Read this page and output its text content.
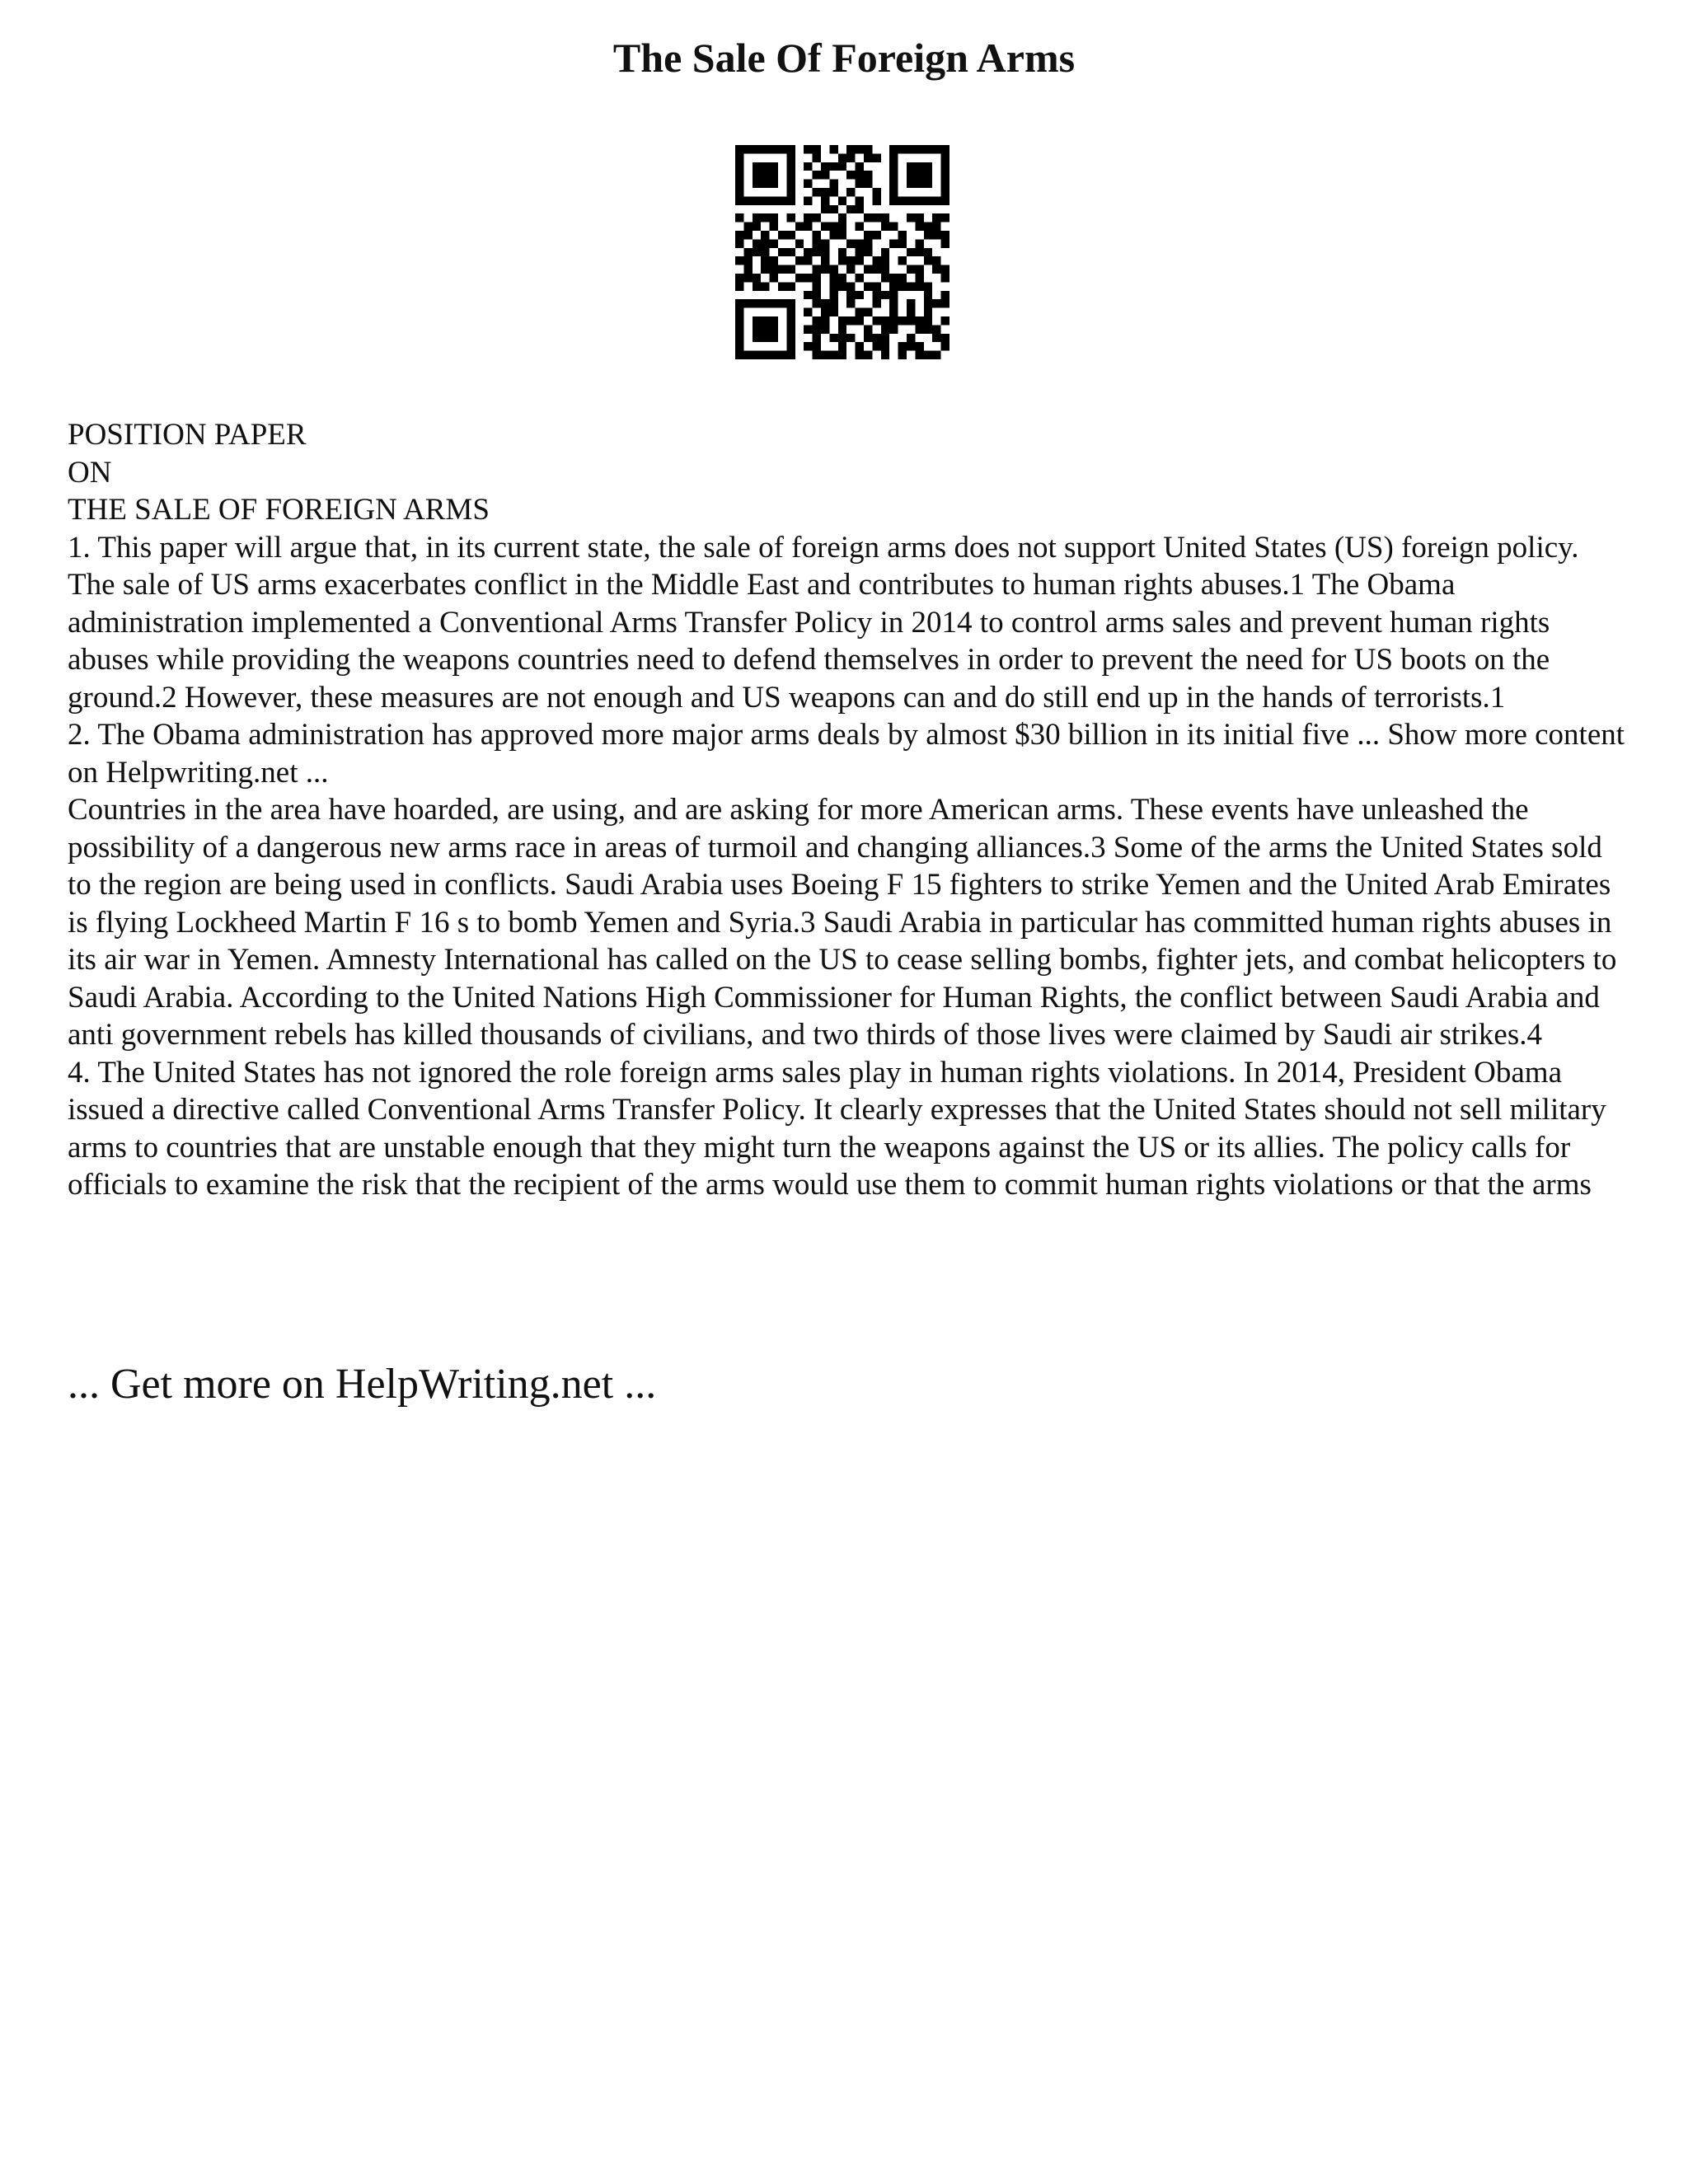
The Sale Of Foreign Arms
POSITION PAPER
ON
THE SALE OF FOREIGN ARMS

1. This paper will argue that, in its current state, the sale of foreign arms does not support United States (US) foreign policy. The sale of US arms exacerbates conflict in the Middle East and contributes to human rights abuses.1 The Obama administration implemented a Conventional Arms Transfer Policy in 2014 to control arms sales and prevent human rights abuses while providing the weapons countries need to defend themselves in order to prevent the need for US boots on the ground.2 However, these measures are not enough and US weapons can and do still end up in the hands of terrorists.1

2. The Obama administration has approved more major arms deals by almost $30 billion in its initial five ... Show more content on Helpwriting.net ...

Countries in the area have hoarded, are using, and are asking for more American arms. These events have unleashed the possibility of a dangerous new arms race in areas of turmoil and changing alliances.3 Some of the arms the United States sold to the region are being used in conflicts. Saudi Arabia uses Boeing F 15 fighters to strike Yemen and the United Arab Emirates is flying Lockheed Martin F 16 s to bomb Yemen and Syria.3 Saudi Arabia in particular has committed human rights abuses in its air war in Yemen. Amnesty International has called on the US to cease selling bombs, fighter jets, and combat helicopters to Saudi Arabia. According to the United Nations High Commissioner for Human Rights, the conflict between Saudi Arabia and anti government rebels has killed thousands of civilians, and two thirds of those lives were claimed by Saudi air strikes.4

4. The United States has not ignored the role foreign arms sales play in human rights violations. In 2014, President Obama issued a directive called Conventional Arms Transfer Policy. It clearly expresses that the United States should not sell military arms to countries that are unstable enough that they might turn the weapons against the US or its allies. The policy calls for officials to examine the risk that the recipient of the arms would use them to commit human rights violations or that the arms

... Get more on HelpWriting.net ...
